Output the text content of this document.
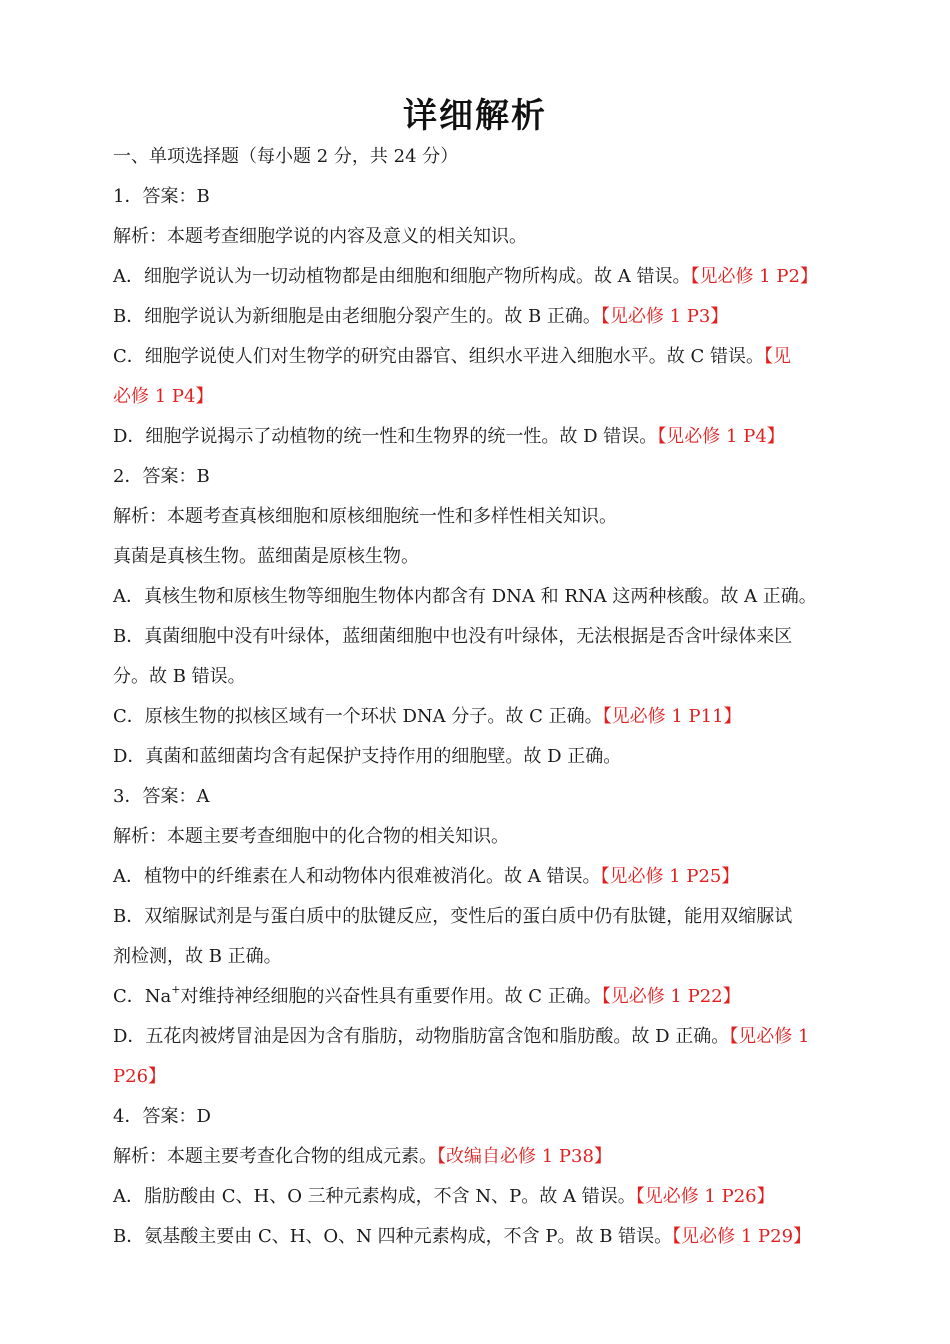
详细解析
一、单项选择题（每小题 2 分，共 24 分）
1．答案：B
解析：本题考查细胞学说的内容及意义的相关知识。
A．细胞学说认为一切动植物都是由细胞和细胞产物所构成。故 A 错误。【见必修 1 P2】
B．细胞学说认为新细胞是由老细胞分裂产生的。故 B 正确。【见必修 1 P3】
C．细胞学说使人们对生物学的研究由器官、组织水平进入细胞水平。故 C 错误。【见
必修 1 P4】
D．细胞学说揭示了动植物的统一性和生物界的统一性。故 D 错误。【见必修 1 P4】
2．答案：B
解析：本题考查真核细胞和原核细胞统一性和多样性相关知识。
真菌是真核生物。蓝细菌是原核生物。
A．真核生物和原核生物等细胞生物体内都含有 DNA 和 RNA 这两种核酸。故 A 正确。
B．真菌细胞中没有叶绿体，蓝细菌细胞中也没有叶绿体，无法根据是否含叶绿体来区
分。故 B 错误。
C．原核生物的拟核区域有一个环状 DNA 分子。故 C 正确。【见必修 1 P11】
D．真菌和蓝细菌均含有起保护支持作用的细胞壁。故 D 正确。
3．答案：A
解析：本题主要考查细胞中的化合物的相关知识。
A．植物中的纤维素在人和动物体内很难被消化。故 A 错误。【见必修 1 P25】
B．双缩脲试剂是与蛋白质中的肽键反应，变性后的蛋白质中仍有肽键，能用双缩脲试
剂检测，故 B 正确。
C．Na+对维持神经细胞的兴奋性具有重要作用。故 C 正确。【见必修 1 P22】
D．五花肉被烤冒油是因为含有脂肪，动物脂肪富含饱和脂肪酸。故 D 正确。【见必修 1
P26】
4．答案：D
解析：本题主要考查化合物的组成元素。【改编自必修 1 P38】
A．脂肪酸由 C、H、O 三种元素构成，不含 N、P。故 A 错误。【见必修 1 P26】
B．氨基酸主要由 C、H、O、N 四种元素构成，不含 P。故 B 错误。【见必修 1 P29】
